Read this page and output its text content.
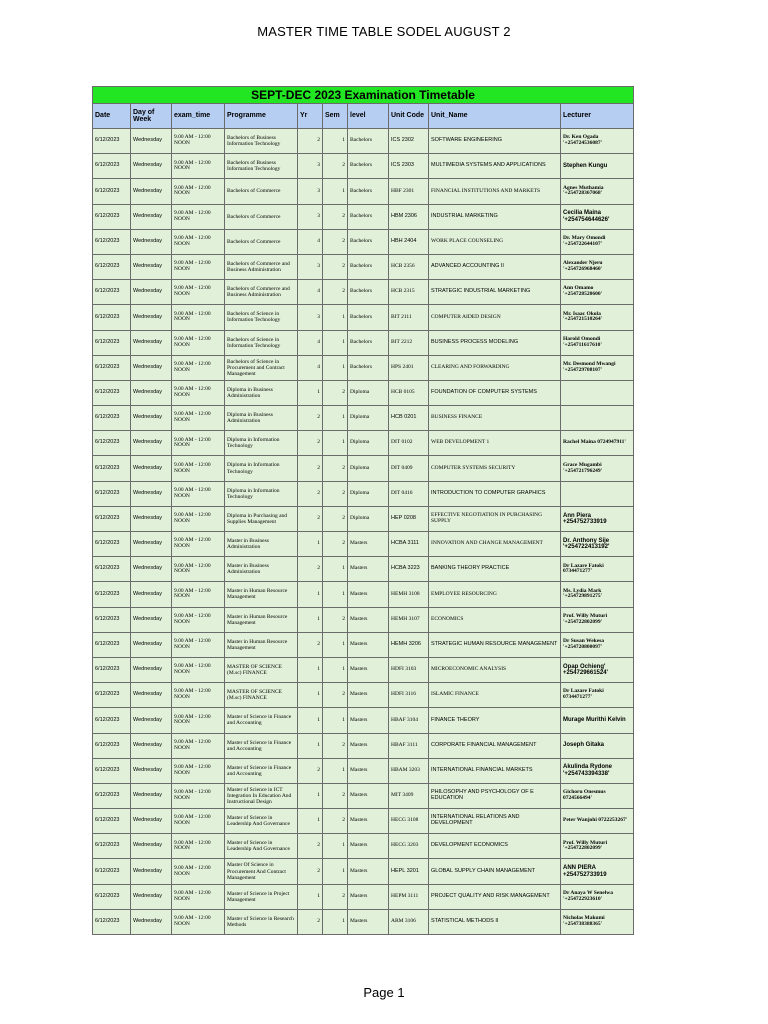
MASTER TIME TABLE SODEL AUGUST 2
SEPT-DEC 2023 Examination Timetable									
Date	Day of Week	exam_time	Programme	Yr	Sem	level	Unit Code	Unit_Name	Lecturer
6/12/2023	Wednesday	9.00 AM - 12:00 NOON	Bachelors of Business Information Technology	2	1	Bachelors	ICS 2302	SOFTWARE ENGINEERING	Dr. Ken Ogada '+254724536087'
6/12/2023	Wednesday	9.00 AM - 12:00 NOON	Bachelors of Business Information Technology	3	2	Bachelors	ICS 2303	MULTIMEDIA SYSTEMS AND APPLICATIONS	Stephen Kungu
6/12/2023	Wednesday	9.00 AM - 12:00 NOON	Bachelors of Commerce	3	1	Bachelors	HBF 2301	FINANCIAL INSTITUTIONS AND MARKETS	Agnes Muthamia '+254728367068'
6/12/2023	Wednesday	9.00 AM - 12:00 NOON	Bachelors of Commerce	3	2	Bachelors	HBM 2306	INDUSTRIAL MARKETING	Cecilia Maina '+254754644626'
6/12/2023	Wednesday	9.00 AM - 12:00 NOON	Bachelors of Commerce	4	2	Bachelors	HBH 2404	WORK PLACE COUNSELING	Dr. Mary Omondi '+254722644107'
6/12/2023	Wednesday	9.00 AM - 12:00 NOON	Bachelors of Commerce and Business Administration	3	2	Bachelors	HCB 2356	ADVANCED ACCOUNTING II	Alexander Njeru '+254726968460'
6/12/2023	Wednesday	9.00 AM - 12:00 NOON	Bachelors of Commerce and Business Administration	4	2	Bachelors	HCB 2315	STRATEGIC INDUSTRIAL MARKETING	Ann Omamo '+254728520600'
6/12/2023	Wednesday	9.00 AM - 12:00 NOON	Bachelors of Science in Information Technology	3	1	Bachelors	BIT 2111	COMPUTER AIDED DESIGN	Mr. Isaac Okola '+254721510264'
6/12/2023	Wednesday	9.00 AM - 12:00 NOON	Bachelors of Science in Information Technology	4	1	Bachelors	BIT 2212	BUSINESS PROCESS MODELING	Harold Omondi '+254711617610'
6/12/2023	Wednesday	9.00 AM - 12:00 NOON	Bachelors of Science in Procurement and Contract Management	4	1	Bachelors	HPS 2401	CLEARING AND FORWARDING	Mr. Desmond Mwangi '+254729708107'
6/12/2023	Wednesday	9.00 AM - 12:00 NOON	Diploma in Business Administration	1	2	Diploma	HCB 0105	FOUNDATION OF COMPUTER SYSTEMS	
6/12/2023	Wednesday	9.00 AM - 12:00 NOON	Diploma in Business Administration	2	1	Diploma	HCB 0201	BUSINESS FINANCE	
6/12/2023	Wednesday	9.00 AM - 12:00 NOON	Diploma in Information Technology	2	1	Diploma	DIT 0102	WEB DEVELOPMENT 1	Rachel Maina 0724947911'
6/12/2023	Wednesday	9.00 AM - 12:00 NOON	Diploma in Information Technology	2	2	Diploma	DIT 0409	COMPUTER SYSTEMS SECURITY	Grace Mugambi '+254721796249'
6/12/2023	Wednesday	9.00 AM - 12:00 NOON	Diploma in Information Technology	2	2	Diploma	DIT 0416	INTRODUCTION TO COMPUTER GRAPHICS	
6/12/2023	Wednesday	9.00 AM - 12:00 NOON	Diploma in Purchasing and Supplies Management	2	2	Diploma	HEP 0208	EFFECTIVE NEGOTIATION IN PURCHASING SUPPLY	Ann Piera +254752733919
6/12/2023	Wednesday	9.00 AM - 12:00 NOON	Master in Business Administration	1	2	Masters	HCBA 3111	INNOVATION AND CHANGE MANAGEMENT	Dr. Anthony Sije '+254722413192'
6/12/2023	Wednesday	9.00 AM - 12:00 NOON	Master in Business Administration	2	1	Masters	HCBA 3223	BANKING THEORY PRACTICE	Dr Lazare Fatoki 0734471277'
6/12/2023	Wednesday	9.00 AM - 12:00 NOON	Master in Human Resource Management	1	1	Masters	HEMH 3108	EMPLOYEE RESOURCING	Ms. Lydia Mark '+254729891275'
6/12/2023	Wednesday	9.00 AM - 12:00 NOON	Master in Human Resource Management	1	2	Masters	HEMH 3107	ECONOMICS	Prof. Willy Muturi '+254722802099'
6/12/2023	Wednesday	9.00 AM - 12:00 NOON	Master in Human Resource Management	2	1	Masters	HEMH 3206	STRATEGIC HUMAN RESOURCE MANAGEMENT	Dr Susan Wekesa '+254720800097'
6/12/2023	Wednesday	9.00 AM - 12:00 NOON	MASTER OF SCIENCE (M.sc) FINANCE	1	1	Masters	HDFI 3103	MICROECONOMIC ANALYSIS	Opap Ochieng' +254729661524'
6/12/2023	Wednesday	9.00 AM - 12:00 NOON	MASTER OF SCIENCE (M.sc) FINANCE	1	2	Masters	HDFI 3116	ISLAMIC FINANCE	Dr Lazare Fatoki 0734471277'
6/12/2023	Wednesday	9.00 AM - 12:00 NOON	Master of Science in Finance and Accounting	1	1	Masters	HBAF 3104	FINANCE THEORY	Murage Murithi Kelvin
6/12/2023	Wednesday	9.00 AM - 12:00 NOON	Master of Science in Finance and Accounting	1	2	Masters	HBAF 3111	CORPORATE FINANCIAL MANAGEMENT	Joseph Gitaka
6/12/2023	Wednesday	9.00 AM - 12:00 NOON	Master of Science in Finance and Accounting	2	1	Masters	HBAM 3203	INTERNATIONAL FINANCIAL MARKETS	Akulinda Rydone '+254743394338'
6/12/2023	Wednesday	9.00 AM - 12:00 NOON	Master of Science in ICT Integration In Education And Instructional Design	1	2	Masters	MIT 3409	PHILOSOPHY AND PSYCHOLOGY OF E EDUCATION	Gichoru Onesmus 0724566494'
6/12/2023	Wednesday	9.00 AM - 12:00 NOON	Master of Science in Leadership And Governance	1	2	Masters	HECG 3108	INTERNATIONAL RELATIONS AND DEVELOPMENT	Peter Wanjohi 0722253267'
6/12/2023	Wednesday	9.00 AM - 12:00 NOON	Master of Science in Leadership And Governance	2	1	Masters	HECG 3203	DEVELOPMENT ECONOMICS	Prof. Willy Muturi '+254722802099'
6/12/2023	Wednesday	9.00 AM - 12:00 NOON	Master Of Science in Procurement And Contract Management	2	1	Masters	HEPL 3201	GLOBAL SUPPLY CHAIN MANAGEMENT	ANN PIERA +254752733919
6/12/2023	Wednesday	9.00 AM - 12:00 NOON	Master of Science in Project Management	1	2	Masters	HEPM 3111	PROJECT QUALITY AND RISK MANAGEMENT	Dr Anaya W Senelwa '+254722923610'
6/12/2023	Wednesday	9.00 AM - 12:00 NOON	Master of Science in Research Methods	2	1	Masters	ARM 3106	STATISTICAL METHODS II	Nicholas Makumi '+254738388365'
Page 1
